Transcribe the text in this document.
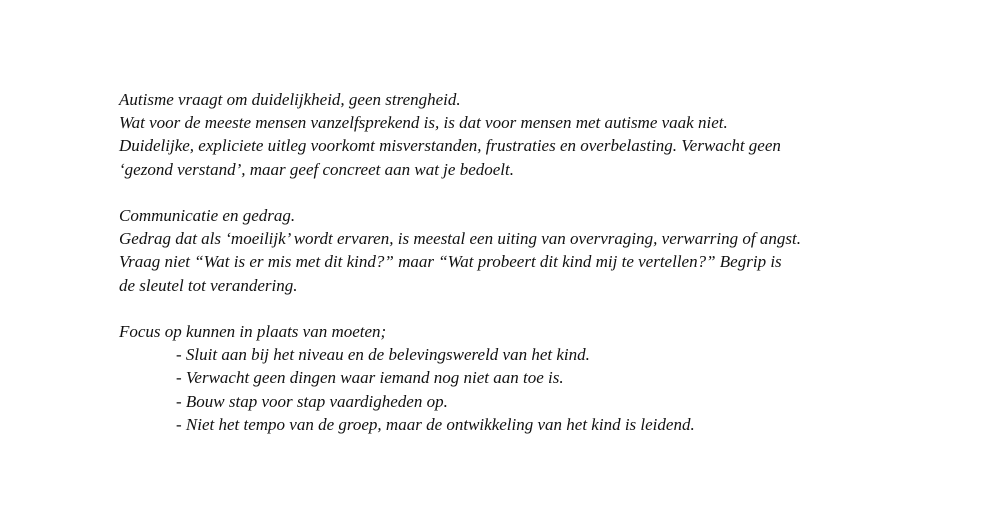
Autisme vraagt om duidelijkheid, geen strengheid.
Wat voor de meeste mensen vanzelfsprekend is, is dat voor mensen met autisme vaak niet.
Duidelijke, expliciete uitleg voorkomt misverstanden, frustraties en overbelasting. Verwacht geen
‘gezond verstand’, maar geef concreet aan wat je bedoelt.
Communicatie en gedrag.
Gedrag dat als ‘moeilijk’ wordt ervaren, is meestal een uiting van overvraging, verwarring of angst.
Vraag niet “Wat is er mis met dit kind?” maar “Wat probeert dit kind mij te vertellen?” Begrip is
de sleutel tot verandering.
Focus op kunnen in plaats van moeten;
- Sluit aan bij het niveau en de belevingswereld van het kind.
- Verwacht geen dingen waar iemand nog niet aan toe is.
- Bouw stap voor stap vaardigheden op.
- Niet het tempo van de groep, maar de ontwikkeling van het kind is leidend.
